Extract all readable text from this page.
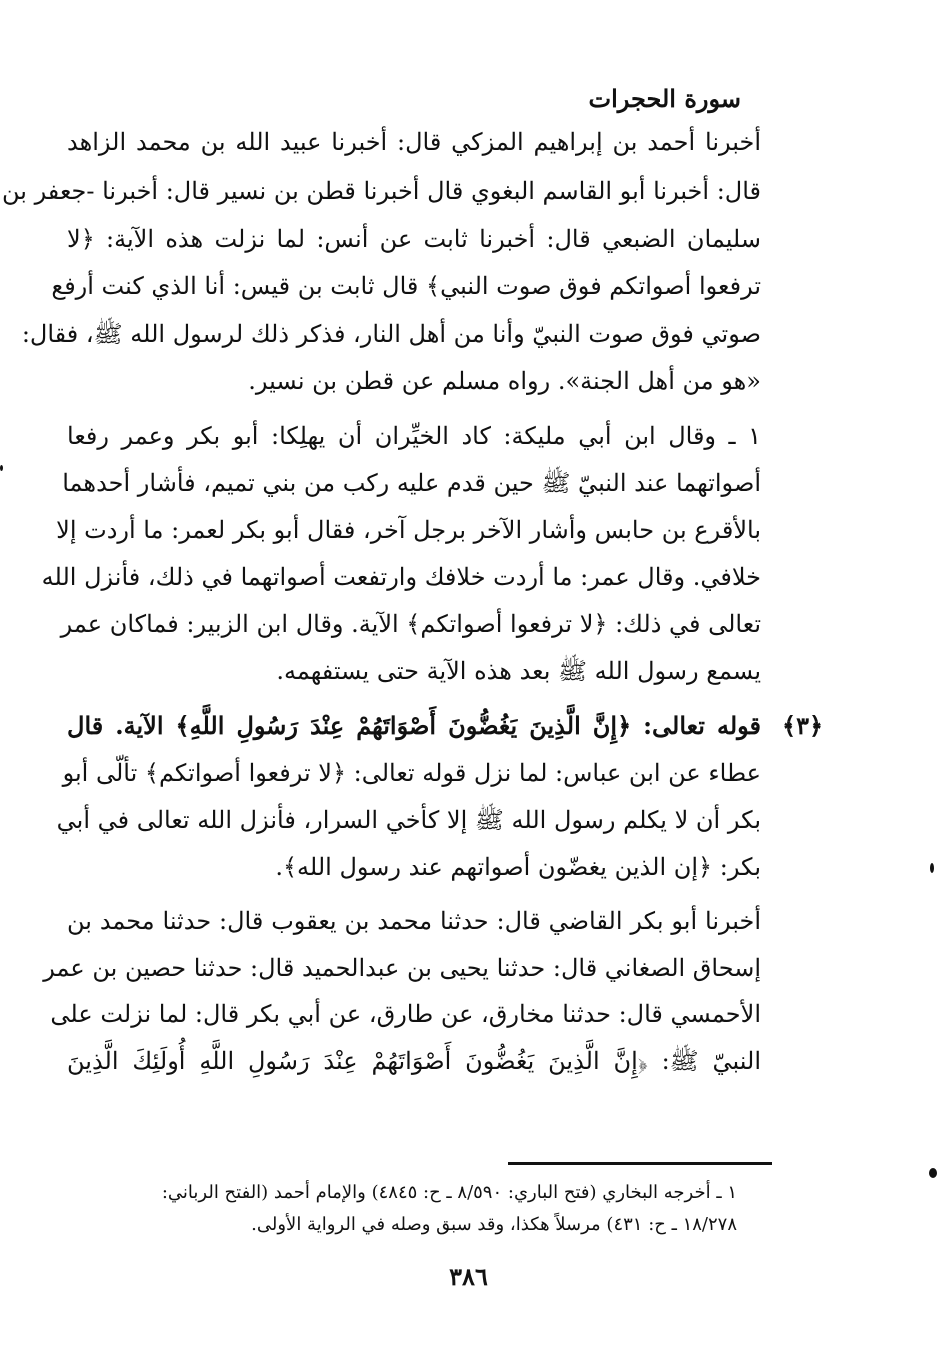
سورة الحجرات
أخبرنا أحمد بن إبراهيم المزكي قال: أخبرنا عبيد الله بن محمد الزاهد
قال: أخبرنا أبو القاسم البغوي قال أخبرنا قطن بن نسير قال: أخبرنا -جعفر بن
سليمان الضبعي قال: أخبرنا ثابت عن أنس: لما نزلت هذه الآية: ﴿لا
ترفعوا أصواتكم فوق صوت النبي﴾ قال ثابت بن قيس: أنا الذي كنت أرفع
صوتي فوق صوت النبيّ وأنا من أهل النار، فذكر ذلك لرسول الله ﷺ، فقال:
«هو من أهل الجنة». رواه مسلم عن قطن بن نسير.
١ ـ وقال ابن أبي مليكة: كاد الخيِّران أن يهلِكا: أبو بكر وعمر رفعا
أصواتهما عند النبيّ ﷺ حين قدم عليه ركب من بني تميم، فأشار أحدهما
بالأقرع بن حابس وأشار الآخر برجل آخر، فقال أبو بكر لعمر: ما أردت إلا
خلافي. وقال عمر: ما أردت خلافك وارتفعت أصواتهما في ذلك، فأنزل الله
تعالى في ذلك: ﴿لا ترفعوا أصواتكم﴾ الآية. وقال ابن الزبير: فماكان عمر
يسمع رسول الله ﷺ بعد هذه الآية حتى يستفهمه.
قوله تعالى: ﴿إِنَّ الَّذِينَ يَغُضُّونَ أَصْوَاتَهُمْ عِنْدَ رَسُولِ اللَّهِ﴾ الآية. قال
عطاء عن ابن عباس: لما نزل قوله تعالى: ﴿لا ترفعوا أصواتكم﴾ تألّى أبو
بكر أن لا يكلم رسول الله ﷺ إلا كأخي السرار، فأنزل الله تعالى في أبي
بكر: ﴿إن الذين يغضّون أصواتهم عند رسول الله﴾.
أخبرنا أبو بكر القاضي قال: حدثنا محمد بن يعقوب قال: حدثنا محمد بن
إسحاق الصغاني قال: حدثنا يحيى بن عبدالحميد قال: حدثنا حصين بن عمر
الأحمسي قال: حدثنا مخارق، عن طارق، عن أبي بكر قال: لما نزلت على
النبيّ ﷺ: ﴿إِنَّ الَّذِينَ يَغُضُّونَ أَصْوَاتَهُمْ عِنْدَ رَسُولِ اللَّهِ أُولَئِكَ الَّذِينَ
﴿٣﴾
١ ـ أخرجه البخاري (فتح الباري: ٨/٥٩٠ ـ ح: ٤٨٤٥) والإمام أحمد (الفتح الرباني:
١٨/٢٧٨ ـ ح: ٤٣١) مرسلاً هكذا، وقد سبق وصله في الرواية الأولى.
٣٨٦
